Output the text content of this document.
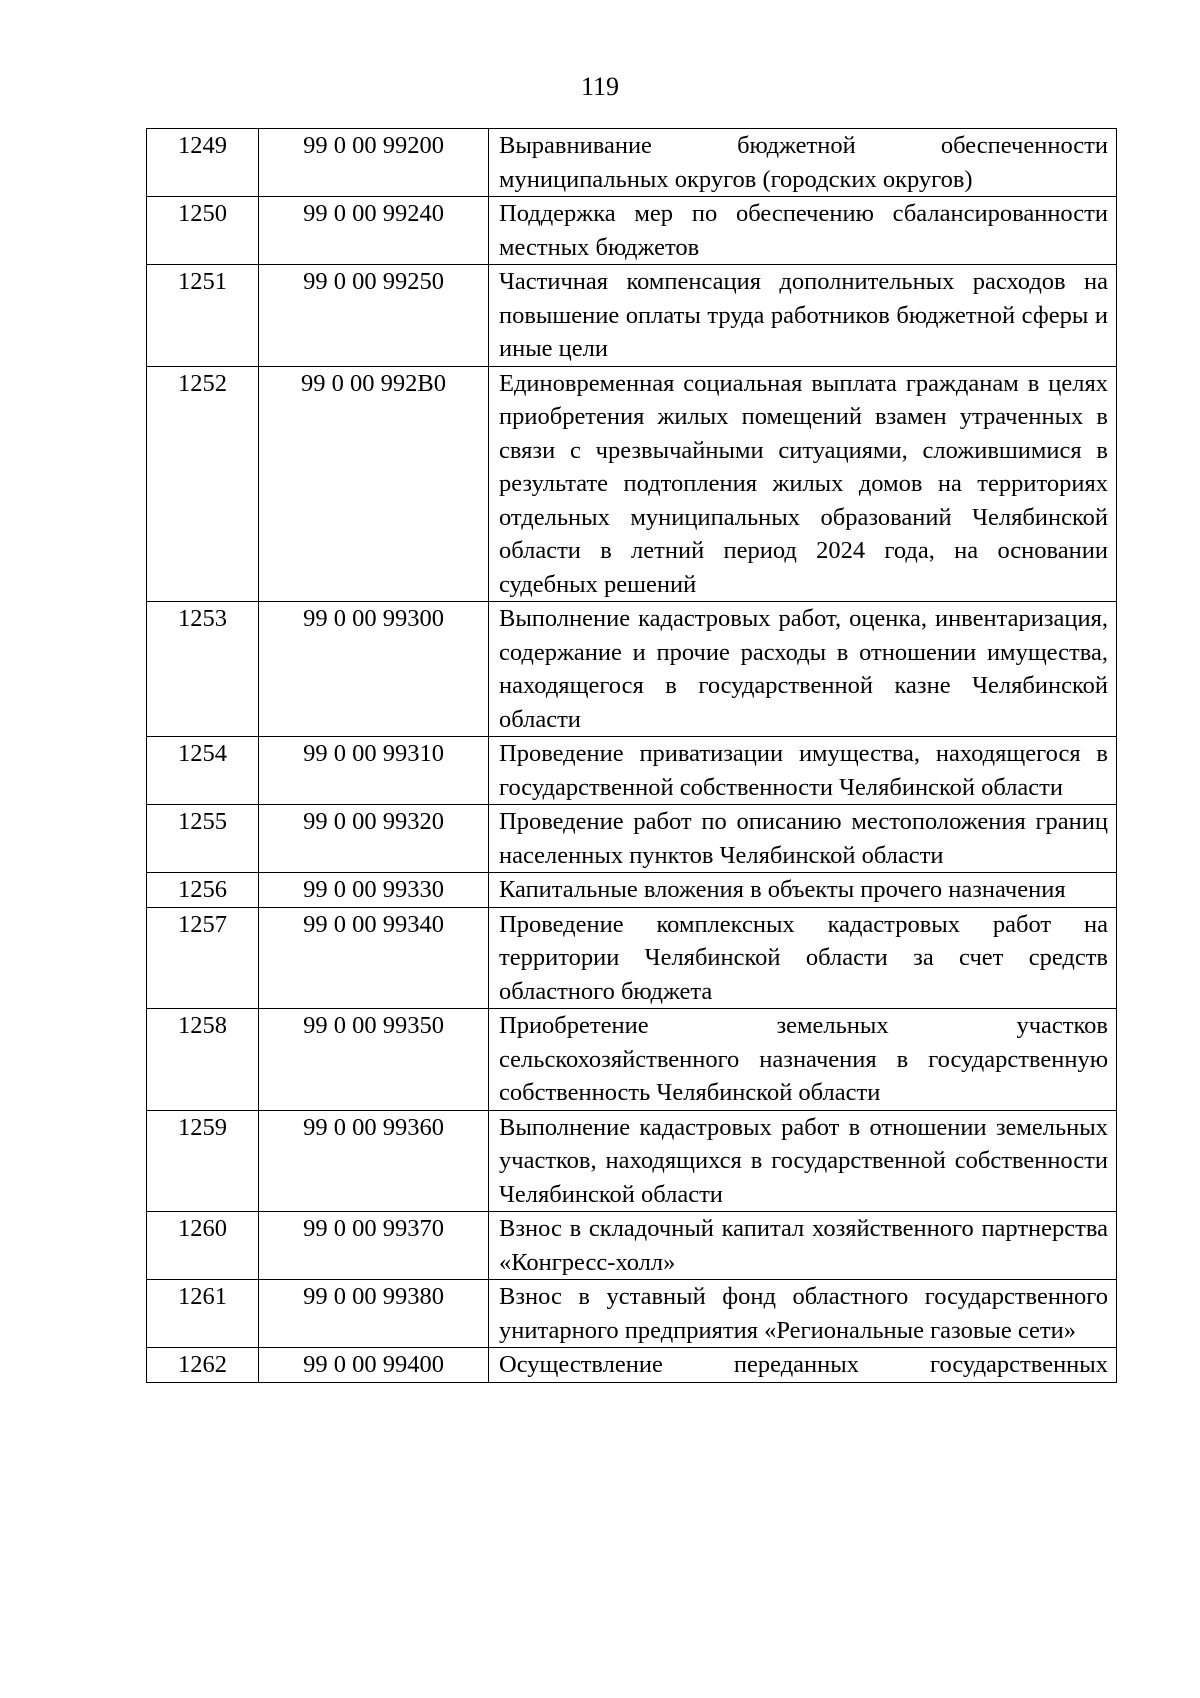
119
1249	99 0 00 99200	Выравнивание бюджетной обеспеченности муниципальных округов (городских округов)
1250	99 0 00 99240	Поддержка мер по обеспечению сбалансированности местных бюджетов
1251	99 0 00 99250	Частичная компенсация дополнительных расходов на повышение оплаты труда работников бюджетной сферы и иные цели
1252	99 0 00 992В0	Единовременная социальная выплата гражданам в целях приобретения жилых помещений взамен утраченных в связи с чрезвычайными ситуациями, сложившимися в результате подтопления жилых домов на территориях отдельных муниципальных образований Челябинской области в летний период 2024 года, на основании судебных решений
1253	99 0 00 99300	Выполнение кадастровых работ, оценка, инвентаризация, содержание и прочие расходы в отношении имущества, находящегося в государственной казне Челябинской области
1254	99 0 00 99310	Проведение приватизации имущества, находящегося в государственной собственности Челябинской области
1255	99 0 00 99320	Проведение работ по описанию местоположения границ населенных пунктов Челябинской области
1256	99 0 00 99330	Капитальные вложения в объекты прочего назначения
1257	99 0 00 99340	Проведение комплексных кадастровых работ на территории Челябинской области за счет средств областного бюджета
1258	99 0 00 99350	Приобретение земельных участков сельскохозяйственного назначения в государственную собственность Челябинской области
1259	99 0 00 99360	Выполнение кадастровых работ в отношении земельных участков, находящихся в государственной собственности Челябинской области
1260	99 0 00 99370	Взнос в складочный капитал хозяйственного партнерства «Конгресс-холл»
1261	99 0 00 99380	Взнос в уставный фонд областного государственного унитарного предприятия «Региональные газовые сети»
1262	99 0 00 99400	Осуществление переданных государственных
